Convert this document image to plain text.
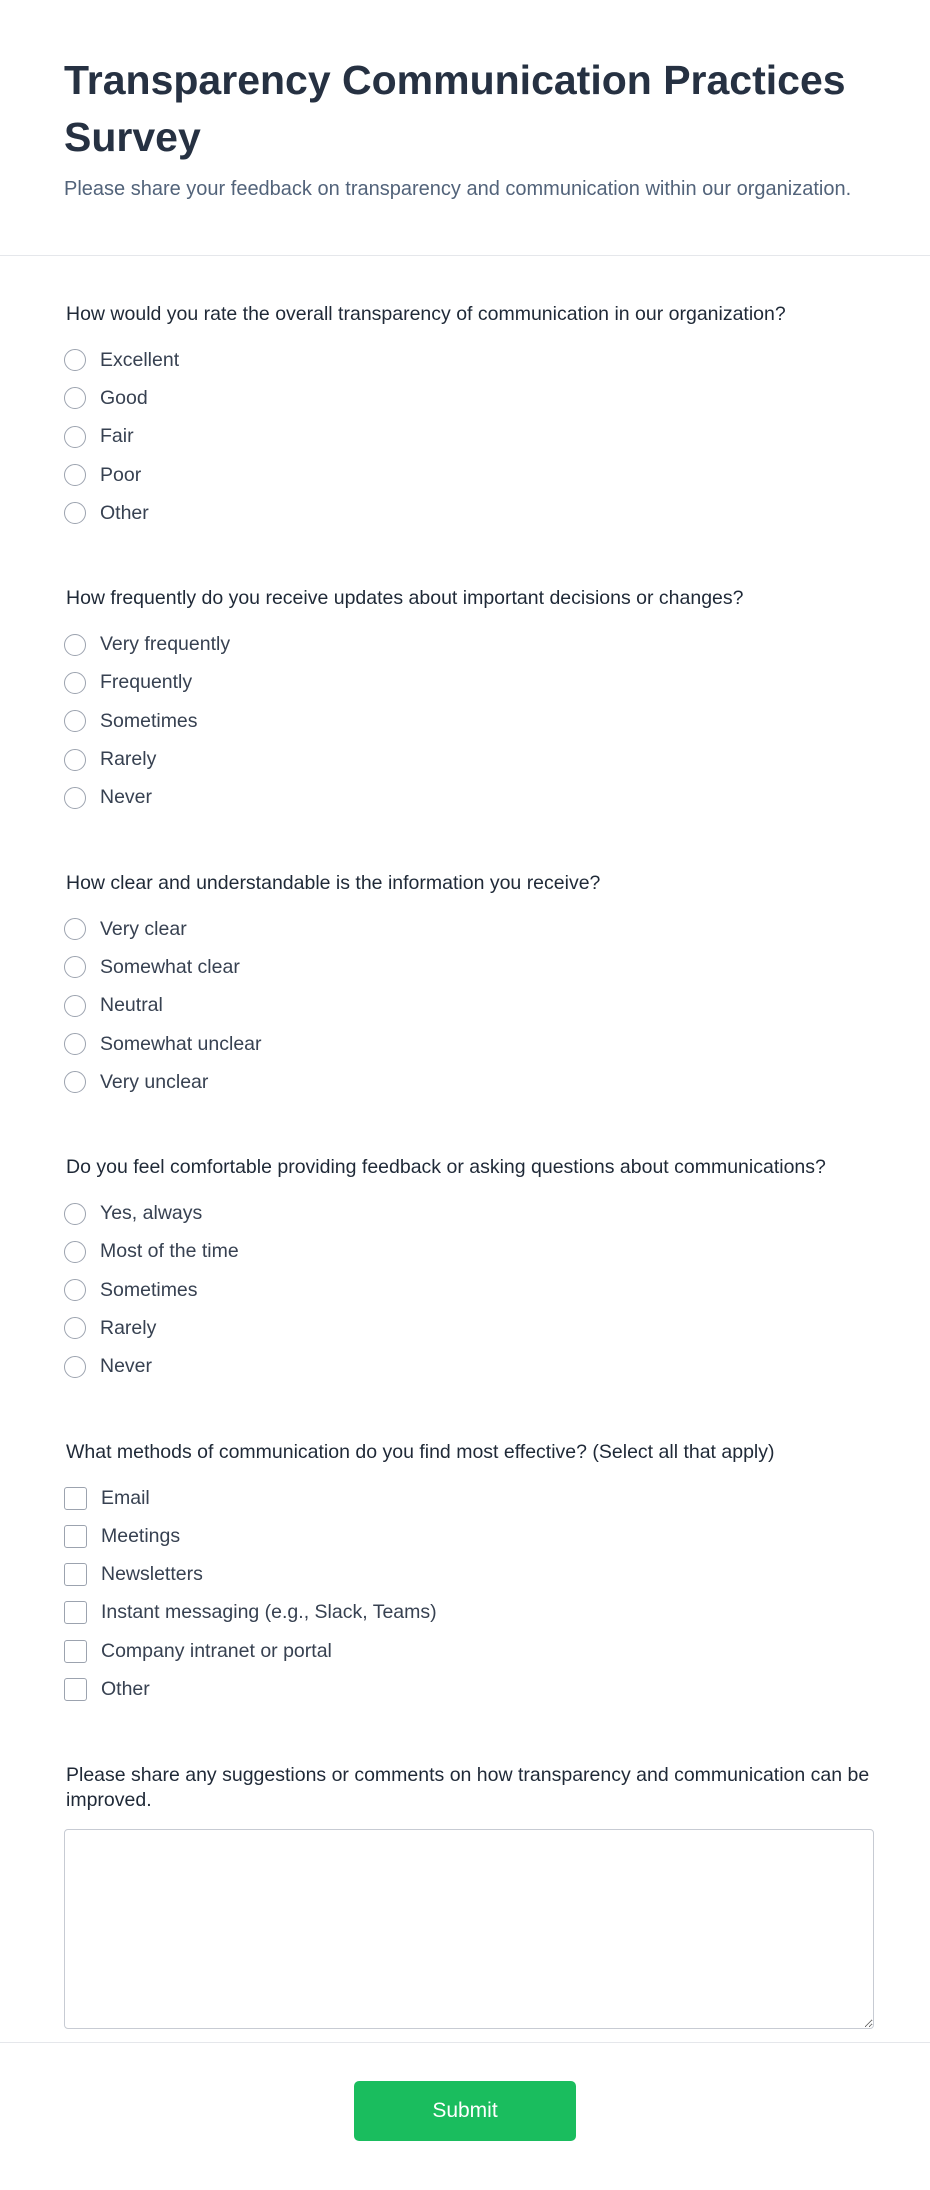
Transparency Communication Practices Survey

Please share your feedback on transparency and communication within our organization.

How would you rate the overall transparency of communication in our organization?
Excellent
Good
Fair
Poor
Other
How frequently do you receive updates about important decisions or changes?
Very frequently
Frequently
Sometimes
Rarely
Never
How clear and understandable is the information you receive?
Very clear
Somewhat clear
Neutral
Somewhat unclear
Very unclear
Do you feel comfortable providing feedback or asking questions about communications?
Yes, always
Most of the time
Sometimes
Rarely
Never
What methods of communication do you find most effective? (Select all that apply)
Email
Meetings
Newsletters
Instant messaging (e.g., Slack, Teams)
Company intranet or portal
Other
Please share any suggestions or comments on how transparency and communication can be improved.
Submit
